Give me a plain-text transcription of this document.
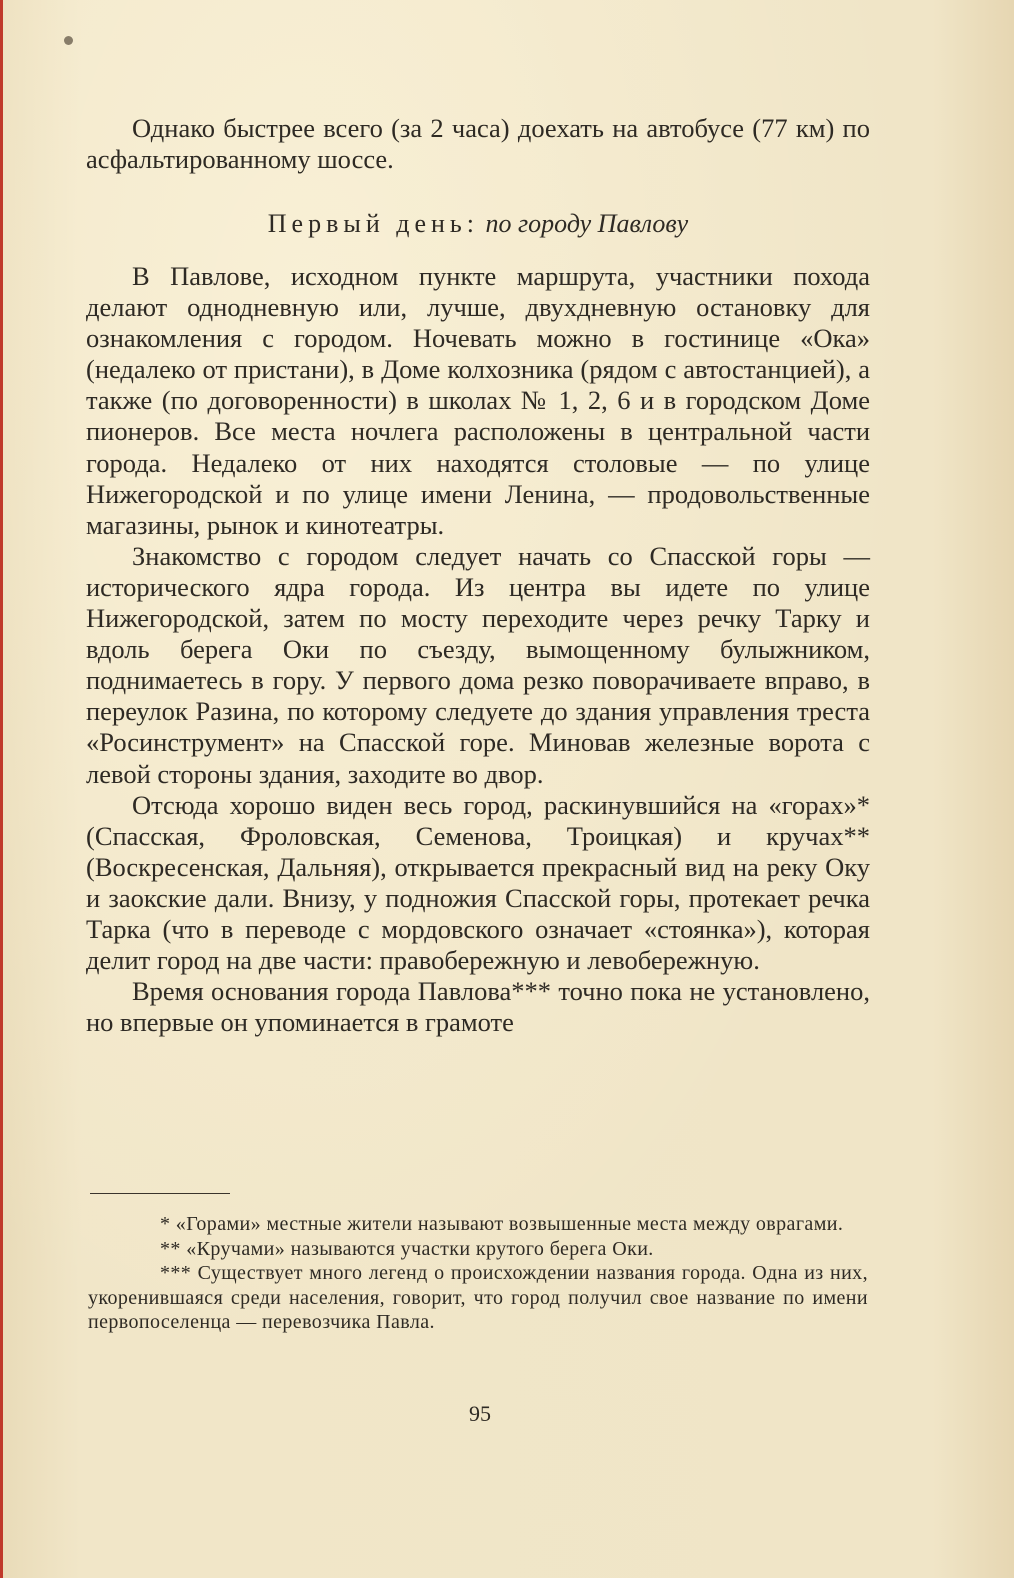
Однако быстрее всего (за 2 часа) доехать на автобусе (77 км) по асфальтированному шоссе.

Первый день: по городу Павлову

В Павлове, исходном пункте маршрута, участники похода делают однодневную или, лучше, двухдневную остановку для ознакомления с городом. Ночевать можно в гостинице «Ока» (недалеко от пристани), в Доме колхозника (рядом с автостанцией), а также (по договоренности) в школах № 1, 2, 6 и в городском Доме пионеров. Все места ночлега расположены в центральной части города. Недалеко от них находятся столовые — по улице Нижегородской и по улице имени Ленина, — продовольственные магазины, рынок и кинотеатры.

Знакомство с городом следует начать со Спасской горы — исторического ядра города. Из центра вы идете по улице Нижегородской, затем по мосту переходите через речку Тарку и вдоль берега Оки по съезду, вымощенному булыжником, поднимаетесь в гору. У первого дома резко поворачиваете вправо, в переулок Разина, по которому следуете до здания управления треста «Росинструмент» на Спасской горе. Миновав железные ворота с левой стороны здания, заходите во двор.

Отсюда хорошо виден весь город, раскинувшийся на «горах»* (Спасская, Фроловская, Семенова, Троицкая) и кручах** (Воскресенская, Дальняя), открывается прекрасный вид на реку Оку и заокские дали. Внизу, у подножия Спасской горы, протекает речка Тарка (что в переводе с мордовского означает «стоянка»), которая делит город на две части: правобережную и левобережную.

Время основания города Павлова*** точно пока не установлено, но впервые он упоминается в грамоте

* «Горами» местные жители называют возвышенные места между оврагами.

** «Кручами» называются участки крутого берега Оки.

*** Существует много легенд о происхождении названия города. Одна из них, укоренившаяся среди населения, говорит, что город получил свое название по имени первопоселенца — перевозчика Павла.

95
